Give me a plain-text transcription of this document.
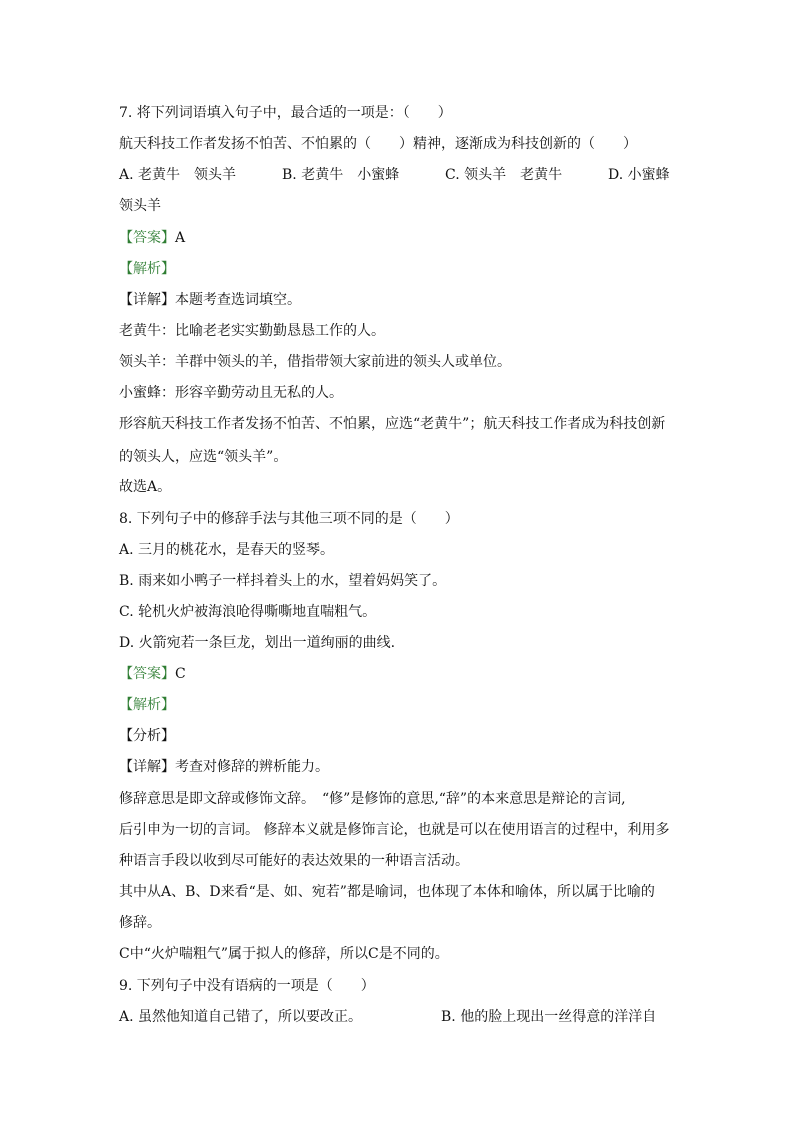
7. 将下列词语填入句子中，最合适的一项是：（　　）
航天科技工作者发扬不怕苦、不怕累的（　　）精神，逐渐成为科技创新的（　　）
A. 老黄牛　领头羊	B. 老黄牛　小蜜蜂	C. 领头羊　老黄牛	D. 小蜜蜂
领头羊
【答案】A
【解析】
【详解】本题考查选词填空。
老黄牛：比喻老老实实勤勤恳恳工作的人。
领头羊：羊群中领头的羊，借指带领大家前进的领头人或单位。
小蜜蜂：形容辛勤劳动且无私的人。
形容航天科技工作者发扬不怕苦、不怕累，应选“老黄牛”；航天科技工作者成为科技创新
的领头人，应选“领头羊”。
故选A。
8. 下列句子中的修辞手法与其他三项不同的是（　　）
A. 三月的桃花水，是春天的竖琴。
B. 雨来如小鸭子一样抖着头上的水，望着妈妈笑了。
C. 轮机火炉被海浪呛得嘶嘶地直喘粗气。
D. 火箭宛若一条巨龙，划出一道绚丽的曲线.
【答案】C
【解析】
【分析】
【详解】考查对修辞的辨析能力。
修辞意思是即文辞或修饰文辞。　“修”是修饰的意思,“辞”的本来意思是辩论的言词,
后引申为一切的言词。 修辞本义就是修饰言论，也就是可以在使用语言的过程中，利用多
种语言手段以收到尽可能好的表达效果的一种语言活动。
其中从A、B、D来看“是、如、宛若”都是喻词，也体现了本体和喻体，所以属于比喻的
修辞。
C中“火炉喘粗气”属于拟人的修辞，所以C是不同的。
9. 下列句子中没有语病的一项是（　　）
A. 虽然他知道自己错了，所以要改正。	B. 他的脸上现出一丝得意的洋洋自
